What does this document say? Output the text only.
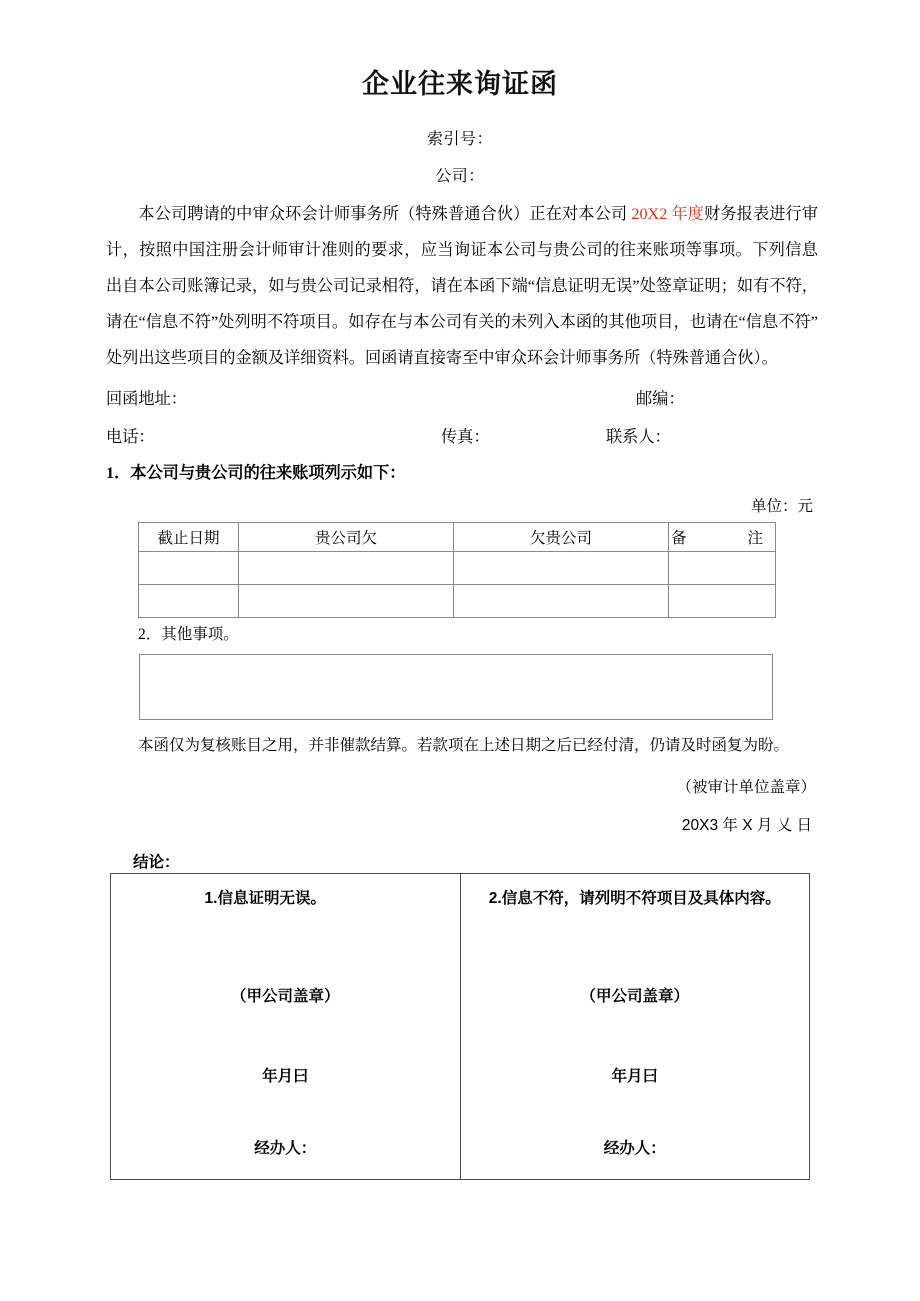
企业往来询证函
索引号：
公司：
本公司聘请的中审众环会计师事务所（特殊普通合伙）正在对本公司 20X2 年度财务报表进行审计，按照中国注册会计师审计准则的要求，应当询证本公司与贵公司的往来账项等事项。下列信息出自本公司账簿记录，如与贵公司记录相符，请在本函下端“信息证明无误”处签章证明；如有不符，请在“信息不符”处列明不符项目。如存在与本公司有关的未列入本函的其他项目，也请在“信息不符”处列出这些项目的金额及详细资料。回函请直接寄至中审众环会计师事务所（特殊普通合伙）。
回函地址：	邮编：
电话：	传真：	联系人：
1．本公司与贵公司的往来账项列示如下：
单位：元
截止日期	贵公司欠	欠贵公司	备　　注

2．其他事项。
本函仅为复核账目之用，并非催款结算。若款项在上述日期之后已经付清，仍请及时函复为盼。
（被审计单位盖章）
20X3 年 X 月 乂 日
结论：
1.信息证明无误。
（甲公司盖章）
年月曰
经办人：

2.信息不符，请列明不符项目及具体内容。
（甲公司盖章）
年月曰
经办人：
